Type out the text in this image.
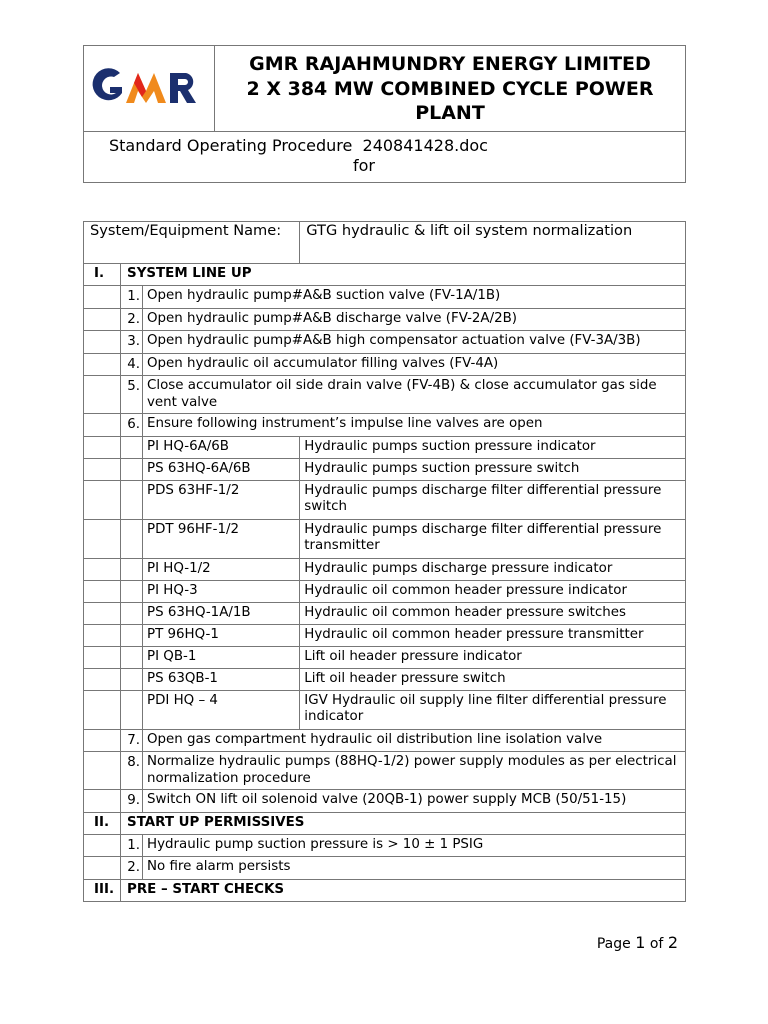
GMR RAJAHMUNDRY ENERGY LIMITED
2 X 384 MW COMBINED CYCLE POWER
PLANT

Standard Operating Procedure 240841428.doc
for
System/Equipment Name:			GTG hydraulic & lift oil system normalization
I.	SYSTEM LINE UP		
	1.	Open hydraulic pump#A&B suction valve (FV-1A/1B)	
	2.	Open hydraulic pump#A&B discharge valve (FV-2A/2B)	
	3.	Open hydraulic pump#A&B high compensator actuation valve (FV-3A/3B)	
	4.	Open hydraulic oil accumulator filling valves (FV-4A)	
	5.	Close accumulator oil side drain valve (FV-4B) & close accumulator gas side vent valve	
	6.	Ensure following instrument’s impulse line valves are open	
		PI HQ-6A/6B	Hydraulic pumps suction pressure indicator
		PS 63HQ-6A/6B	Hydraulic pumps suction pressure switch
		PDS 63HF-1/2	Hydraulic pumps discharge filter differential pressure switch
		PDT 96HF-1/2	Hydraulic pumps discharge filter differential pressure transmitter
		PI HQ-1/2	Hydraulic pumps discharge pressure indicator
		PI HQ-3	Hydraulic oil common header pressure indicator
		PS 63HQ-1A/1B	Hydraulic oil common header pressure switches
		PT 96HQ-1	Hydraulic oil common header pressure transmitter
		PI QB-1	Lift oil header pressure indicator
		PS 63QB-1	Lift oil header pressure switch
		PDI HQ – 4	IGV Hydraulic oil supply line filter differential pressure indicator
	7.	Open gas compartment hydraulic oil distribution line isolation valve	
	8.	Normalize hydraulic pumps (88HQ-1/2) power supply modules as per electrical normalization procedure	
	9.	Switch ON lift oil solenoid valve (20QB-1) power supply MCB (50/51-15)	
II.	START UP PERMISSIVES		
	1.	Hydraulic pump suction pressure is > 10 ± 1 PSIG	
	2.	No fire alarm persists	
III.	PRE – START CHECKS		
Page 1 of 2
